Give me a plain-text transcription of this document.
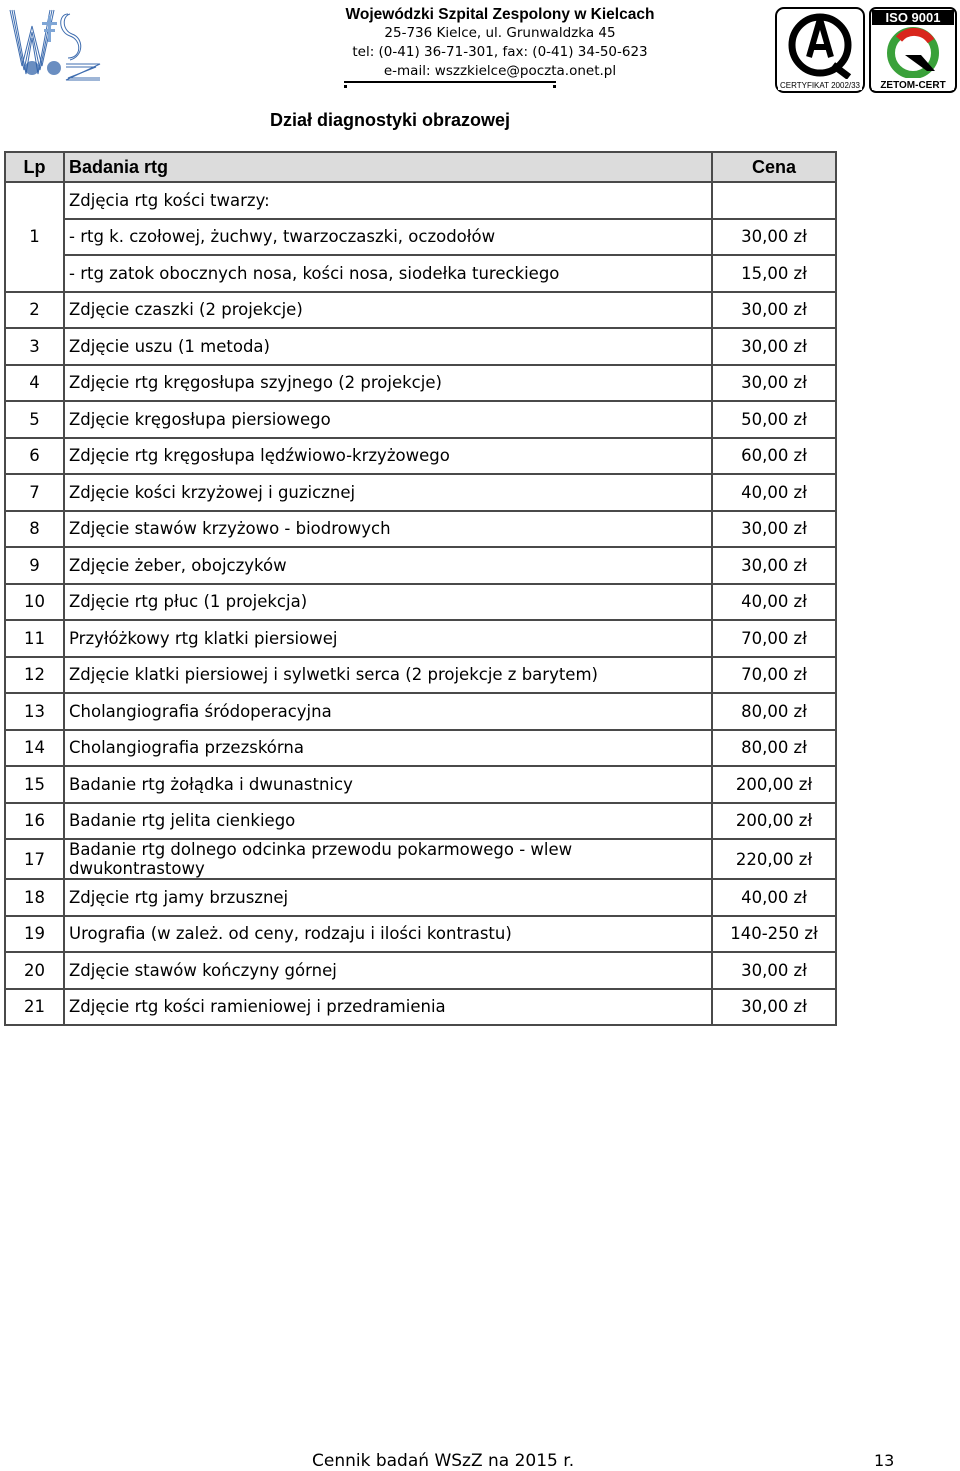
WSzZ
Wojewódzki Szpital Zespolony w Kielcach
25-736 Kielce, ul. Grunwaldzka 45
tel: (0-41) 36-71-301, fax: (0-41) 34-50-623
e-mail: wszzkielce@poczta.onet.pl
CERTYFIKAT 2002/33
ISO 9001
ZETOM-CERT
Dział diagnostyki obrazowej
Lp	Badania rtg	Cena
1	Zdjęcia rtg kości twarzy:	
	- rtg k. czołowej, żuchwy, twarzoczaszki, oczodołów	30,00 zł
	- rtg zatok obocznych nosa, kości nosa, siodełka tureckiego	15,00 zł
2	Zdjęcie czaszki (2 projekcje)	30,00 zł
3	Zdjęcie uszu (1 metoda)	30,00 zł
4	Zdjęcie rtg kręgosłupa szyjnego (2 projekcje)	30,00 zł
5	Zdjęcie kręgosłupa piersiowego	50,00 zł
6	Zdjęcie rtg kręgosłupa lędźwiowo-krzyżowego	60,00 zł
7	Zdjęcie kości krzyżowej i guzicznej	40,00 zł
8	Zdjęcie stawów krzyżowo - biodrowych	30,00 zł
9	Zdjęcie żeber, obojczyków	30,00 zł
10	Zdjęcie rtg płuc (1 projekcja)	40,00 zł
11	Przyłóżkowy rtg klatki piersiowej	70,00 zł
12	Zdjęcie klatki piersiowej i sylwetki serca (2 projekcje z barytem)	70,00 zł
13	Cholangiografia śródoperacyjna	80,00 zł
14	Cholangiografia przezskórna	80,00 zł
15	Badanie rtg żołądka i dwunastnicy	200,00 zł
16	Badanie rtg jelita cienkiego	200,00 zł
17	Badanie rtg dolnego odcinka przewodu pokarmowego - wlew dwukontrastowy	220,00 zł
18	Zdjęcie rtg jamy brzusznej	40,00 zł
19	Urografia (w zależ. od ceny, rodzaju i ilości kontrastu)	140-250 zł
20	Zdjęcie stawów kończyny górnej	30,00 zł
21	Zdjęcie rtg kości ramieniowej i przedramienia	30,00 zł
Cennik badań WSzZ na 2015 r.	13
